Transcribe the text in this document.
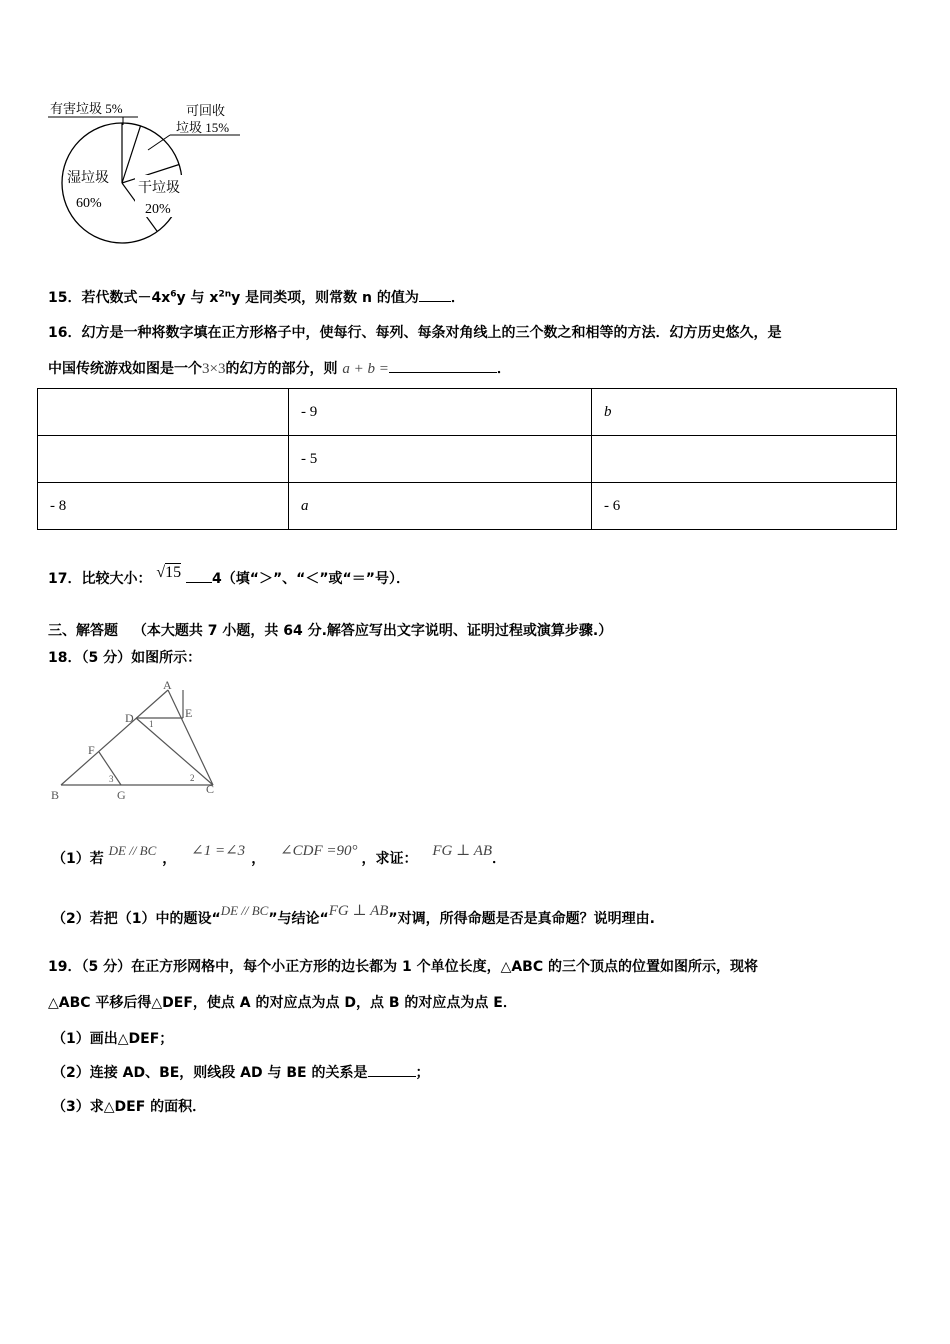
有害垃圾 5%	可回收
垃圾 15%
湿垃圾
60%
干垃圾
20%
15．若代数式$-4x^6y$ 与 $x^{2n}y$ 是同类项，则常数 n 的值为 ．
16．幻方是一种将数字填在正方形格子中，使每行、每列、每条对角线上的三个数之和相等的方法．幻方历史悠久，是
中国传统游戏如图是一个3×3的幻方的部分，则 a + b =	．
	- 9	b
	- 5	
- 8	a	- 6
17．比较大小： √15 4（填“＞”、“＜”或“＝”号）．
三、解答题 （本大题共 7 小题，共 64 分.解答应写出文字说明、证明过程或演算步骤.）
18．（5 分）如图所示：
A
B	C
D	E
F
G
1
2
3
（1）若 DE // BC， ∠1 =∠3 ， ∠CDF =90° ，求证： FG ⊥ AB．
（2）若把（1）中的题设“DE // BC”与结论“FG ⊥ AB”对调，所得命题是否是真命题？说明理由.
19．（5 分）在正方形网格中，每个小正方形的边长都为 1 个单位长度，△ABC 的三个顶点的位置如图所示，现将
△ABC 平移后得△DEF，使点 A 的对应点为点 D，点 B 的对应点为点 E．
（1）画出△DEF；
（2）连接 AD、BE，则线段 AD 与 BE 的关系是	；
（3）求△DEF 的面积．
